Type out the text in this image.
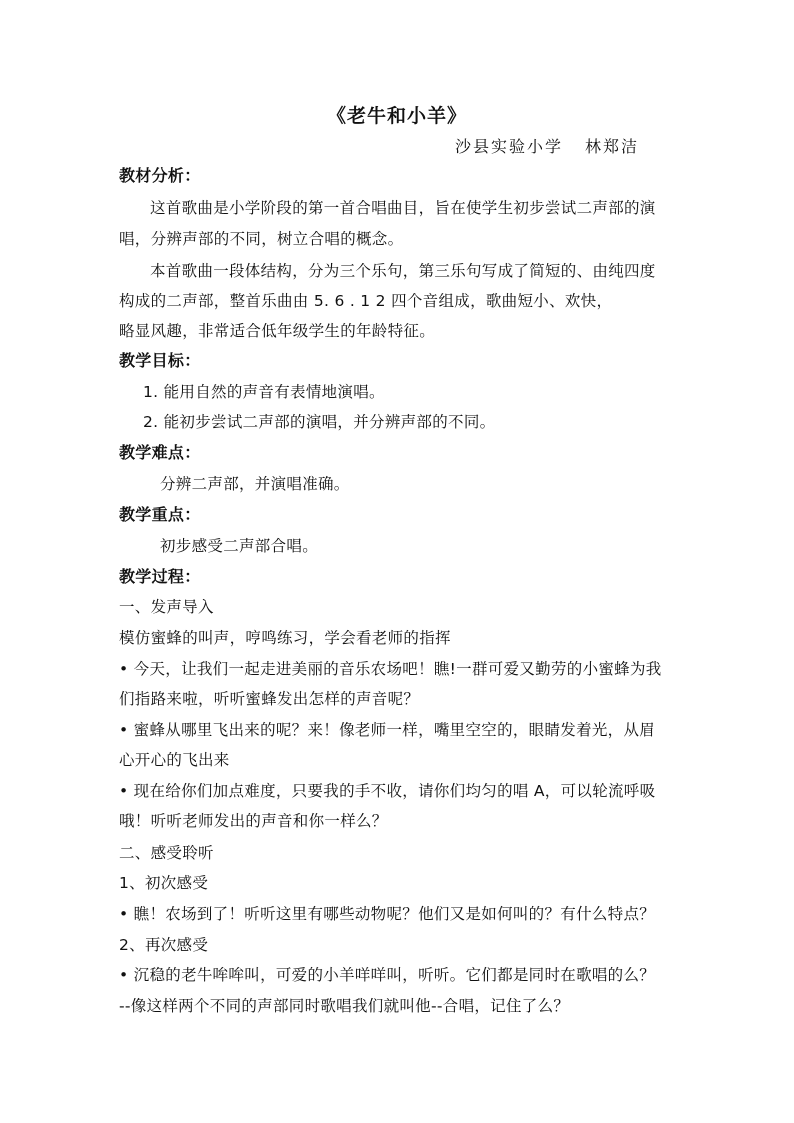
《老牛和小羊》
沙县实验小学 林郑洁
教材分析：
这首歌曲是小学阶段的第一首合唱曲目，旨在使学生初步尝试二声部的演
唱，分辨声部的不同，树立合唱的概念。
本首歌曲一段体结构，分为三个乐句，第三乐句写成了简短的、由纯四度
构成的二声部，整首乐曲由 5. 6 . 1 2 四个音组成，歌曲短小、欢快，
略显风趣，非常适合低年级学生的年龄特征。
教学目标：
1. 能用自然的声音有表情地演唱。
2. 能初步尝试二声部的演唱，并分辨声部的不同。
教学难点：
分辨二声部，并演唱准确。
教学重点：
初步感受二声部合唱。
教学过程：
一、发声导入
模仿蜜蜂的叫声，哼鸣练习，学会看老师的指挥
• 今天，让我们一起走进美丽的音乐农场吧！瞧!一群可爱又勤劳的小蜜蜂为我
们指路来啦，听听蜜蜂发出怎样的声音呢？
• 蜜蜂从哪里飞出来的呢？来！像老师一样，嘴里空空的，眼睛发着光，从眉
心开心的飞出来
• 现在给你们加点难度，只要我的手不收，请你们均匀的唱 A，可以轮流呼吸
哦！听听老师发出的声音和你一样么？
二、感受聆听
1、初次感受
• 瞧！农场到了！听听这里有哪些动物呢？他们又是如何叫的？有什么特点？
2、再次感受
• 沉稳的老牛哞哞叫，可爱的小羊咩咩叫，听听。它们都是同时在歌唱的么？
--像这样两个不同的声部同时歌唱我们就叫他--合唱，记住了么？
